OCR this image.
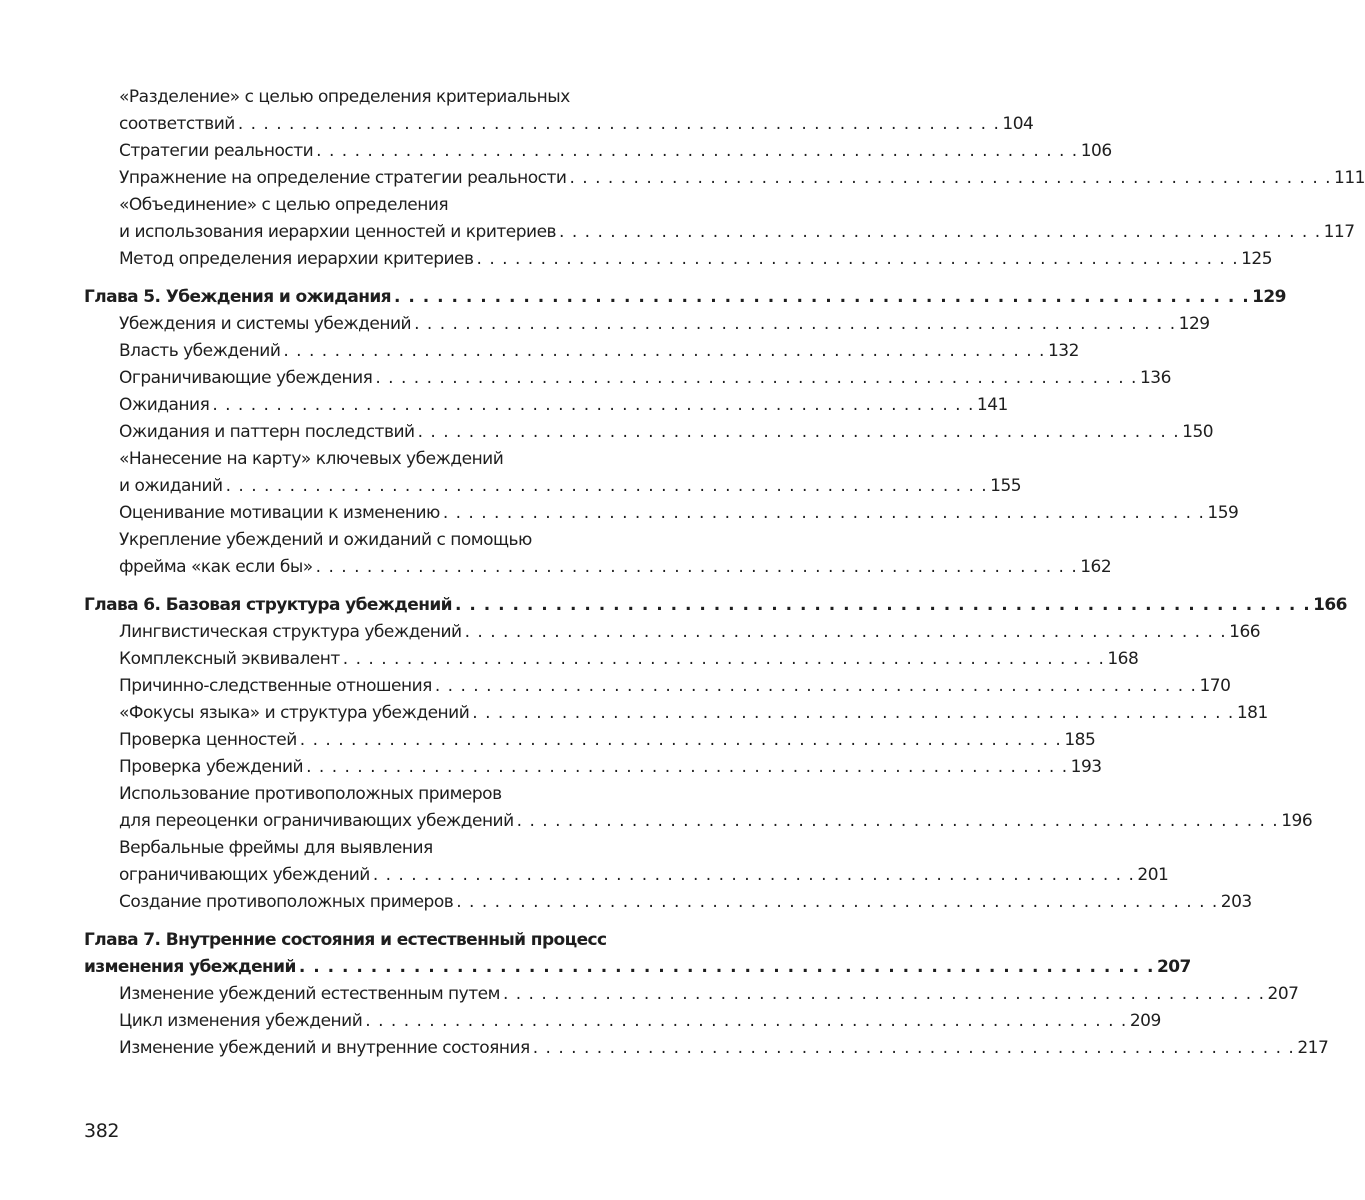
«Разделение» с целью определения критериальных
соответствий . . .	104
Стратегии реальности . . .	106
Упражнение на определение стратегии реальности . . .	111
«Объединение» с целью определения
и использования иерархии ценностей и критериев . . .	117
Метод определения иерархии критериев . . .	125
Глава 5. Убеждения и ожидания . . .	129
Убеждения и системы убеждений . . .	129
Власть убеждений . . .	132
Ограничивающие убеждения . . .	136
Ожидания . . .	141
Ожидания и паттерн последствий . . .	150
«Нанесение на карту» ключевых убеждений
и ожиданий . . .	155
Оценивание мотивации к изменению . . .	159
Укрепление убеждений и ожиданий с помощью
фрейма «как если бы» . . .	162
Глава 6. Базовая структура убеждений . . .	166
Лингвистическая структура убеждений . . .	166
Комплексный эквивалент . . .	168
Причинно-следственные отношения . . .	170
«Фокусы языка» и структура убеждений . . .	181
Проверка ценностей . . .	185
Проверка убеждений . . .	193
Использование противоположных примеров
для переоценки ограничивающих убеждений . . .	196
Вербальные фреймы для выявления
ограничивающих убеждений . . .	201
Создание противоположных примеров . . .	203
Глава 7. Внутренние состояния и естественный процесс
изменения убеждений . . .	207
Изменение убеждений естественным путем . . .	207
Цикл изменения убеждений . . .	209
Изменение убеждений и внутренние состояния . . .	217
382
